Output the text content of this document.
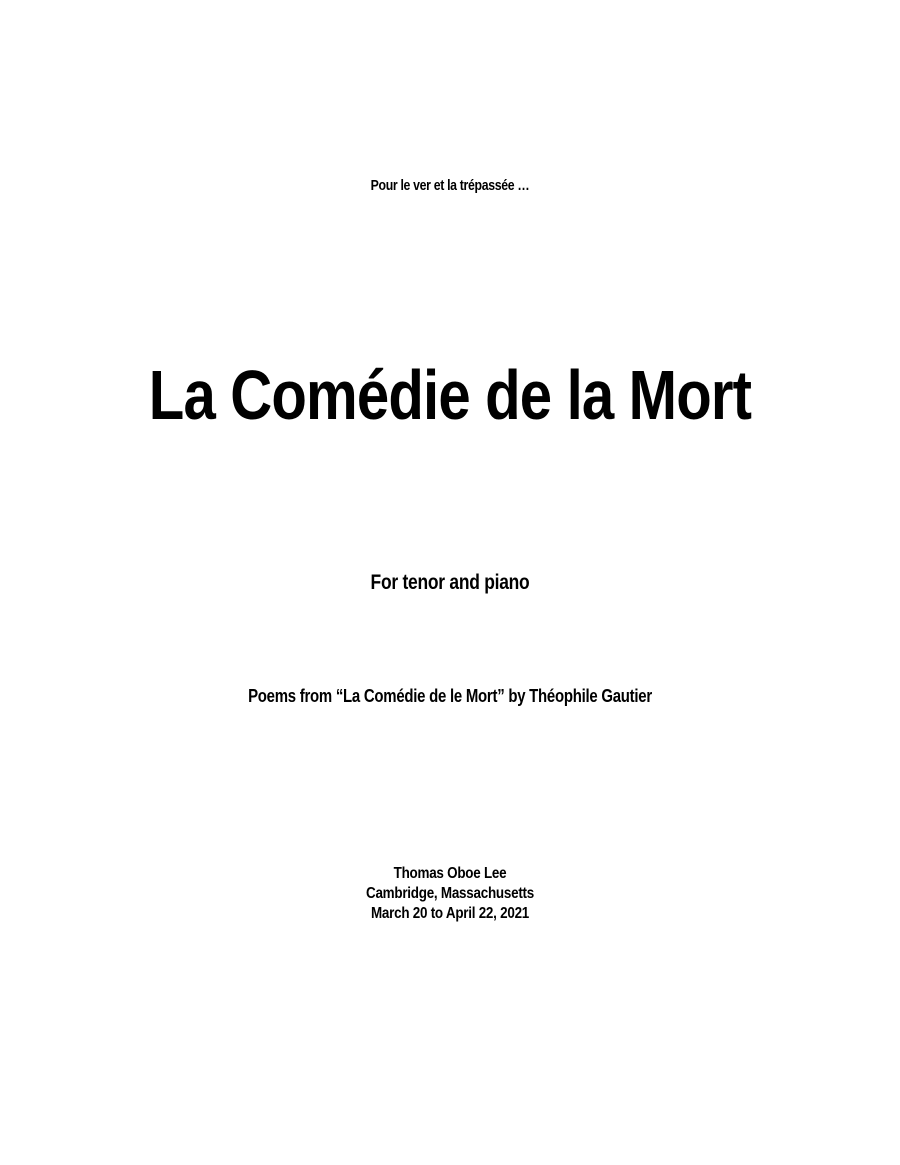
Pour le ver et la trépassée …
La Comédie de la Mort
For tenor and piano
Poems from “La Comédie de le Mort” by Théophile Gautier
Thomas Oboe Lee
Cambridge, Massachusetts
March 20 to April 22, 2021
